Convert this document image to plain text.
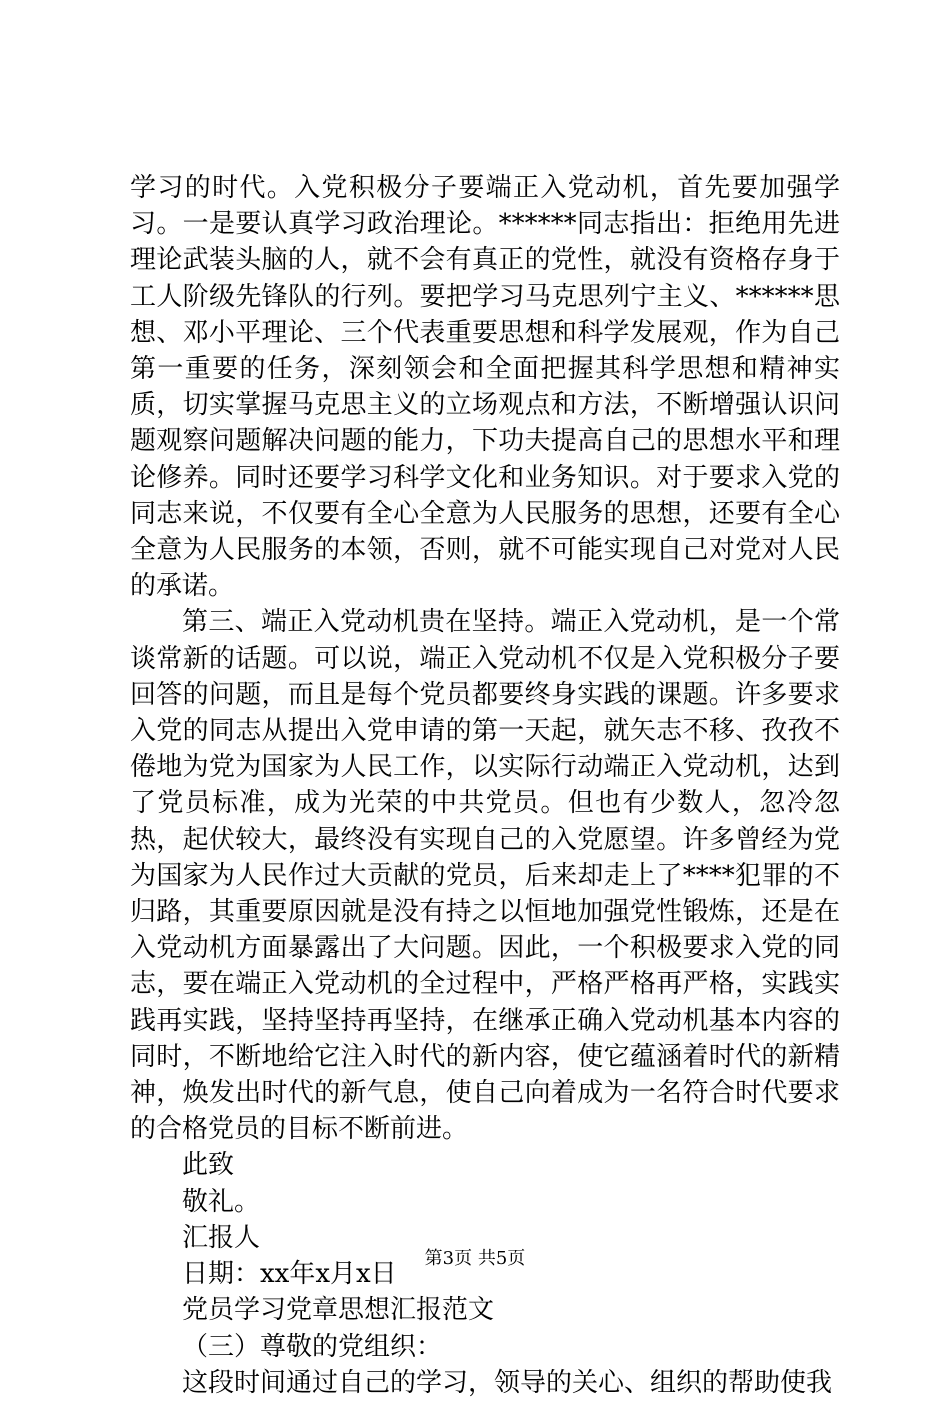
学习的时代。入党积极分子要端正入党动机，首先要加强学习。一是要认真学习政治理论。******同志指出：拒绝用先进理论武装头脑的人，就不会有真正的党性，就没有资格存身于工人阶级先锋队的行列。要把学习马克思列宁主义、******思想、邓小平理论、三个代表重要思想和科学发展观，作为自己第一重要的任务，深刻领会和全面把握其科学思想和精神实质，切实掌握马克思主义的立场观点和方法，不断增强认识问题观察问题解决问题的能力，下功夫提高自己的思想水平和理论修养。同时还要学习科学文化和业务知识。对于要求入党的同志来说，不仅要有全心全意为人民服务的思想，还要有全心全意为人民服务的本领，否则，就不可能实现自己对党对人民的承诺。

第三、端正入党动机贵在坚持。端正入党动机，是一个常谈常新的话题。可以说，端正入党动机不仅是入党积极分子要回答的问题，而且是每个党员都要终身实践的课题。许多要求入党的同志从提出入党申请的第一天起，就矢志不移、孜孜不倦地为党为国家为人民工作，以实际行动端正入党动机，达到了党员标准，成为光荣的中共党员。但也有少数人，忽冷忽热，起伏较大，最终没有实现自己的入党愿望。许多曾经为党为国家为人民作过大贡献的党员，后来却走上了****犯罪的不归路，其重要原因就是没有持之以恒地加强党性锻炼，还是在入党动机方面暴露出了大问题。因此，一个积极要求入党的同志，要在端正入党动机的全过程中，严格严格再严格，实践实践再实践，坚持坚持再坚持，在继承正确入党动机基本内容的同时，不断地给它注入时代的新内容，使它蕴涵着时代的新精神，焕发出时代的新气息，使自己向着成为一名符合时代要求的合格党员的目标不断前进。

此致

敬礼。

汇报人

日期：xx年x月x日

党员学习党章思想汇报范文

（三）尊敬的党组织：

这段时间通过自己的学习，领导的关心、组织的帮助使我

第3页 共5页
